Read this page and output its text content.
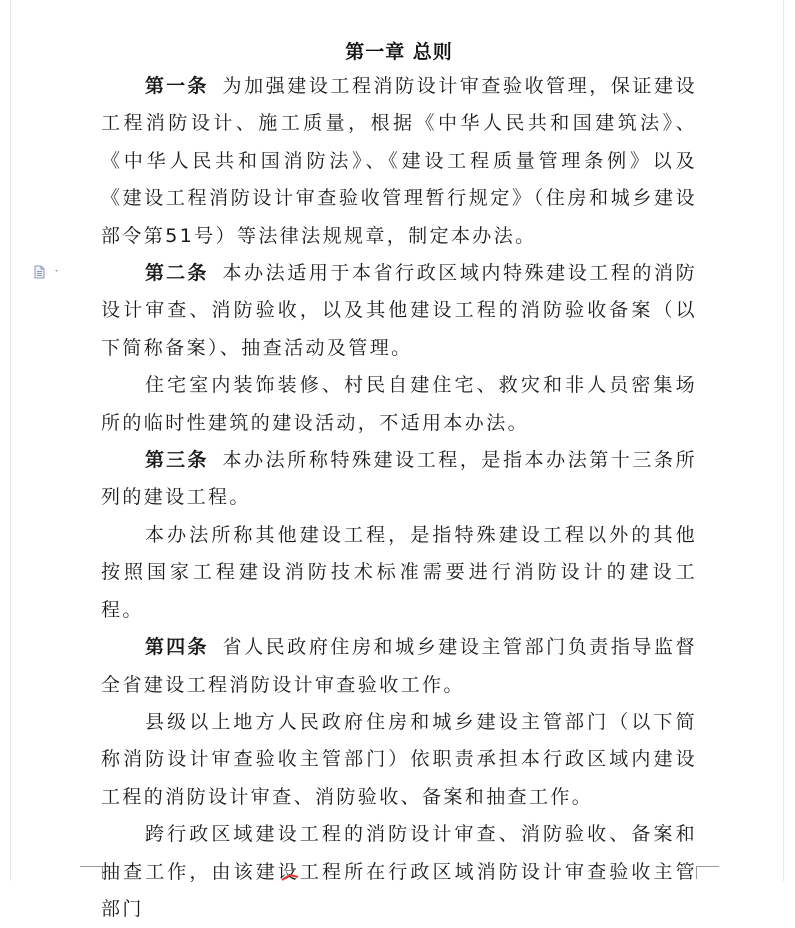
第一章 总则

第一条 为加强建设工程消防设计审查验收管理，保证建设工程消防设计、施工质量，根据《中华人民共和国建筑法》、《中华人民共和国消防法》、《建设工程质量管理条例》以及《建设工程消防设计审查验收管理暂行规定》（住房和城乡建设部令第51号）等法律法规规章，制定本办法。

第二条 本办法适用于本省行政区域内特殊建设工程的消防设计审查、消防验收，以及其他建设工程的消防验收备案（以下简称备案）、抽查活动及管理。

住宅室内装饰装修、村民自建住宅、救灾和非人员密集场所的临时性建筑的建设活动，不适用本办法。

第三条 本办法所称特殊建设工程，是指本办法第十三条所列的建设工程。

本办法所称其他建设工程，是指特殊建设工程以外的其他按照国家工程建设消防技术标准需要进行消防设计的建设工程。

第四条 省人民政府住房和城乡建设主管部门负责指导监督全省建设工程消防设计审查验收工作。

县级以上地方人民政府住房和城乡建设主管部门（以下简称消防设计审查验收主管部门）依职责承担本行政区域内建设工程的消防设计审查、消防验收、备案和抽查工作。

跨行政区域建设工程的消防设计审查、消防验收、备案和抽查工作，由该建设工程所在行政区域消防设计审查验收主管部门
